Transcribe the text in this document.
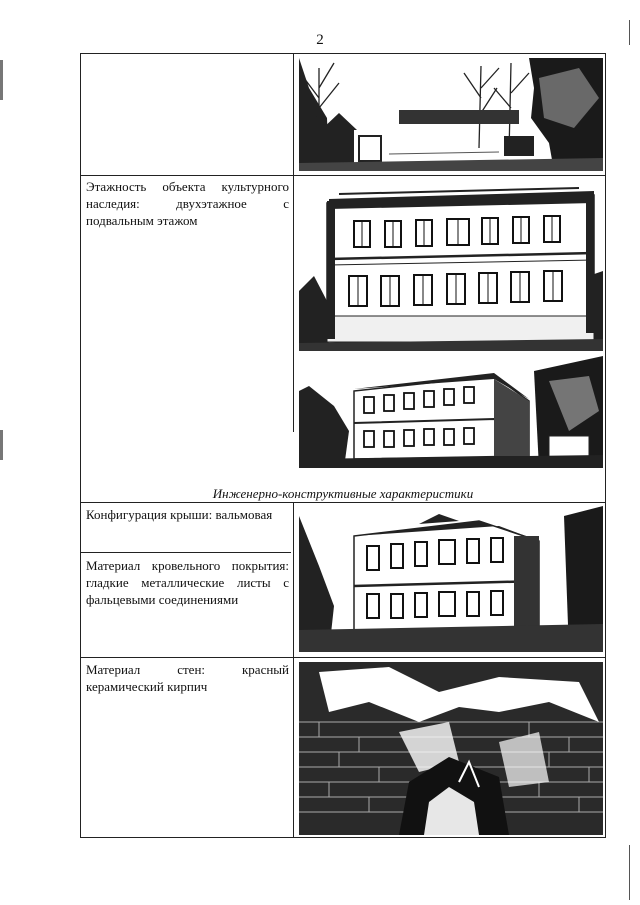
2
Этажность объекта культурного наследия: двухэтажное с подвальным этажом
Инженерно-конструктивные характеристики
Конфигурация крыши: вальмовая
Материал кровельного покрытия: гладкие металлические листы с фальцевыми соединениями
Материал стен: красный керамический кирпич
